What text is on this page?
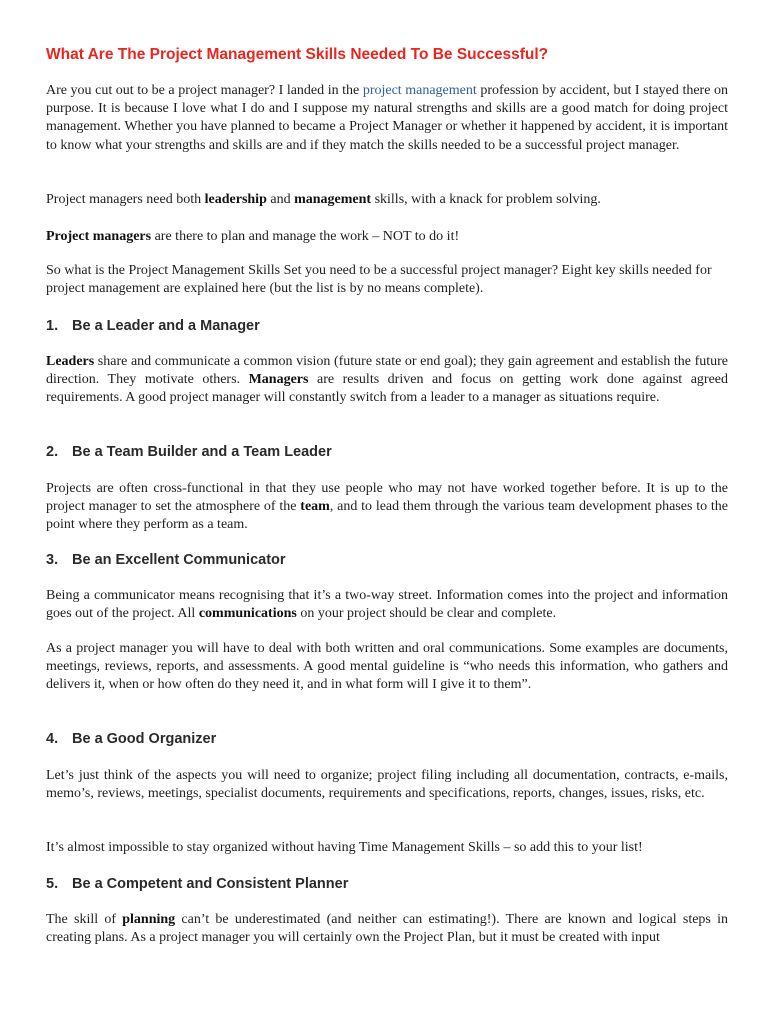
What Are The Project Management Skills Needed To Be Successful?

Are you cut out to be a project manager? I landed in the project management profession by accident, but I stayed there on purpose. It is because I love what I do and I suppose my natural strengths and skills are a good match for doing project management. Whether you have planned to became a Project Manager or whether it happened by accident, it is important to know what your strengths and skills are and if they match the skills needed to be a successful project manager.

Project managers need both leadership and management skills, with a knack for problem solving.

Project managers are there to plan and manage the work – NOT to do it!

So what is the Project Management Skills Set you need to be a successful project manager? Eight key skills needed for project management are explained here (but the list is by no means complete).

1. Be a Leader and a Manager

Leaders share and communicate a common vision (future state or end goal); they gain agreement and establish the future direction. They motivate others. Managers are results driven and focus on getting work done against agreed requirements. A good project manager will constantly switch from a leader to a manager as situations require.

2. Be a Team Builder and a Team Leader

Projects are often cross-functional in that they use people who may not have worked together before. It is up to the project manager to set the atmosphere of the team, and to lead them through the various team development phases to the point where they perform as a team.

3. Be an Excellent Communicator

Being a communicator means recognising that it’s a two-way street. Information comes into the project and information goes out of the project. All communications on your project should be clear and complete.

As a project manager you will have to deal with both written and oral communications. Some examples are documents, meetings, reviews, reports, and assessments. A good mental guideline is “who needs this information, who gathers and delivers it, when or how often do they need it, and in what form will I give it to them”.

4. Be a Good Organizer

Let’s just think of the aspects you will need to organize; project filing including all documentation, contracts, e-mails, memo’s, reviews, meetings, specialist documents, requirements and specifications, reports, changes, issues, risks, etc.

It’s almost impossible to stay organized without having Time Management Skills – so add this to your list!

5. Be a Competent and Consistent Planner

The skill of planning can’t be underestimated (and neither can estimating!). There are known and logical steps in creating plans. As a project manager you will certainly own the Project Plan, but it must be created with input
